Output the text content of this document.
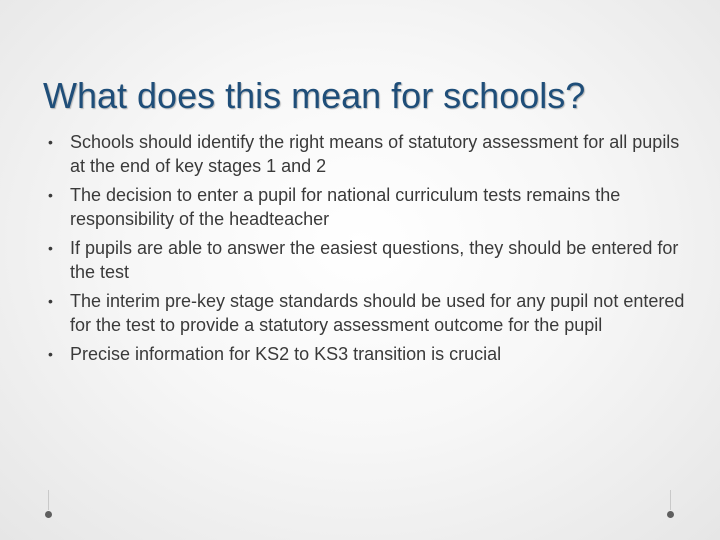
What does this mean for schools?
• Schools should identify the right means of statutory assessment for all pupils at the end of key stages 1 and 2
• The decision to enter a pupil for national curriculum tests remains the responsibility of the headteacher
• If pupils are able to answer the easiest questions, they should be entered for the test
• The interim pre-key stage standards should be used for any pupil not entered for the test to provide a statutory assessment outcome for the pupil
• Precise information for KS2 to KS3 transition is crucial
